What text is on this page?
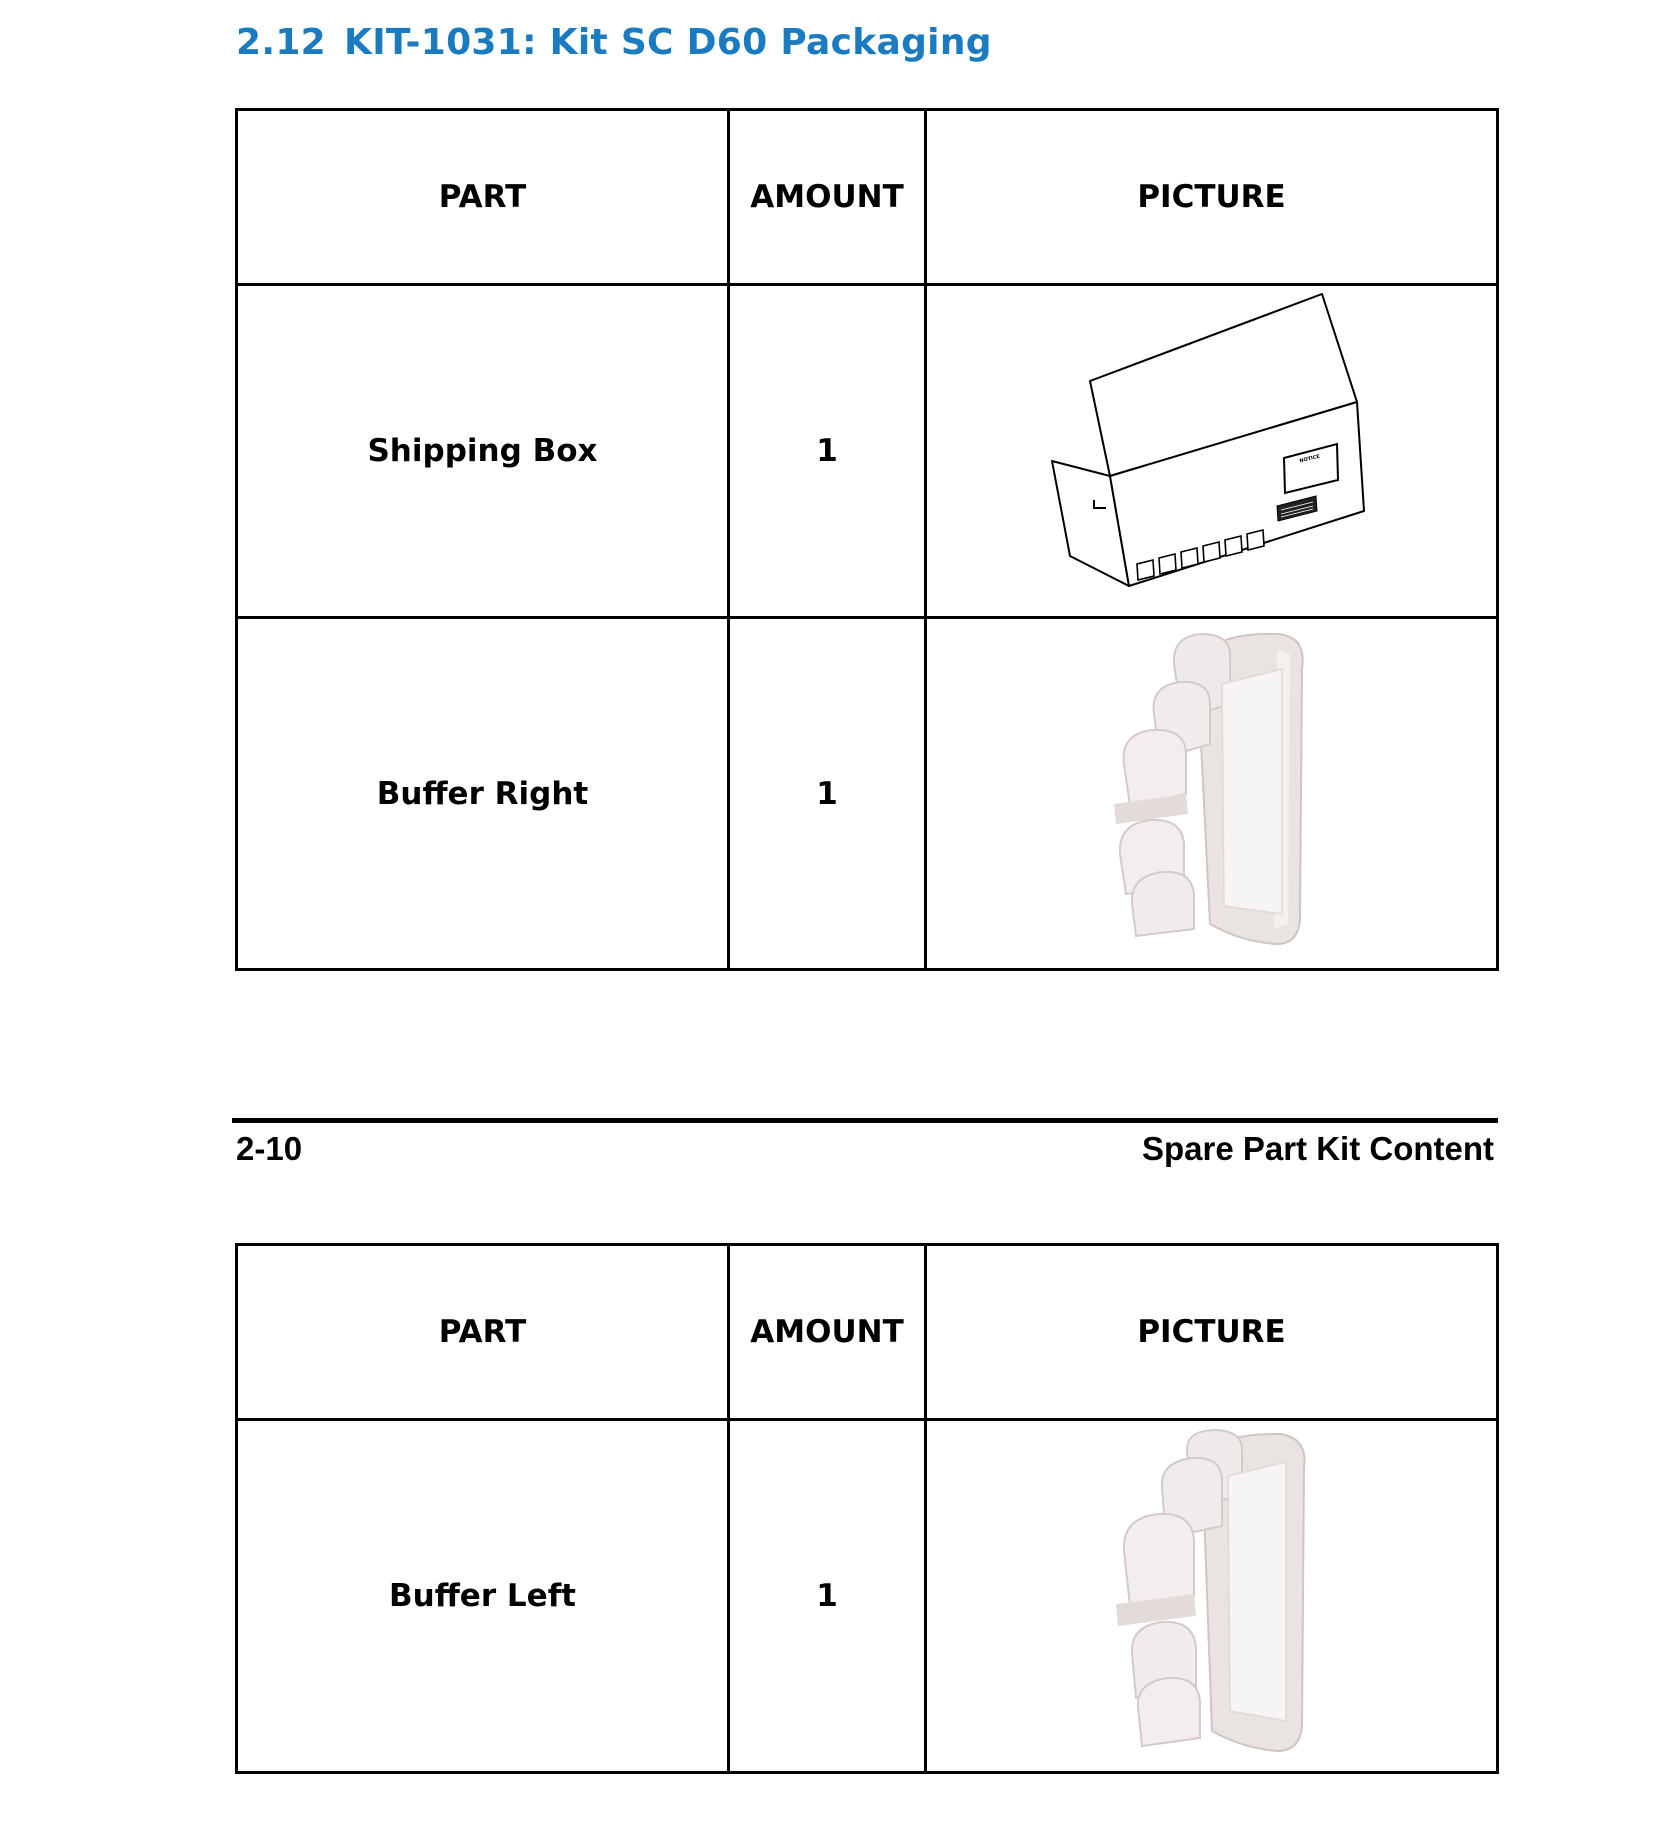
2.12 KIT-1031: Kit SC D60 Packaging
PART	AMOUNT	PICTURE
Shipping Box	1	NOTICE

Buffer Right	1	

2-10	Spare Part Kit Content

PART	AMOUNT	PICTURE
Buffer Left	1	
